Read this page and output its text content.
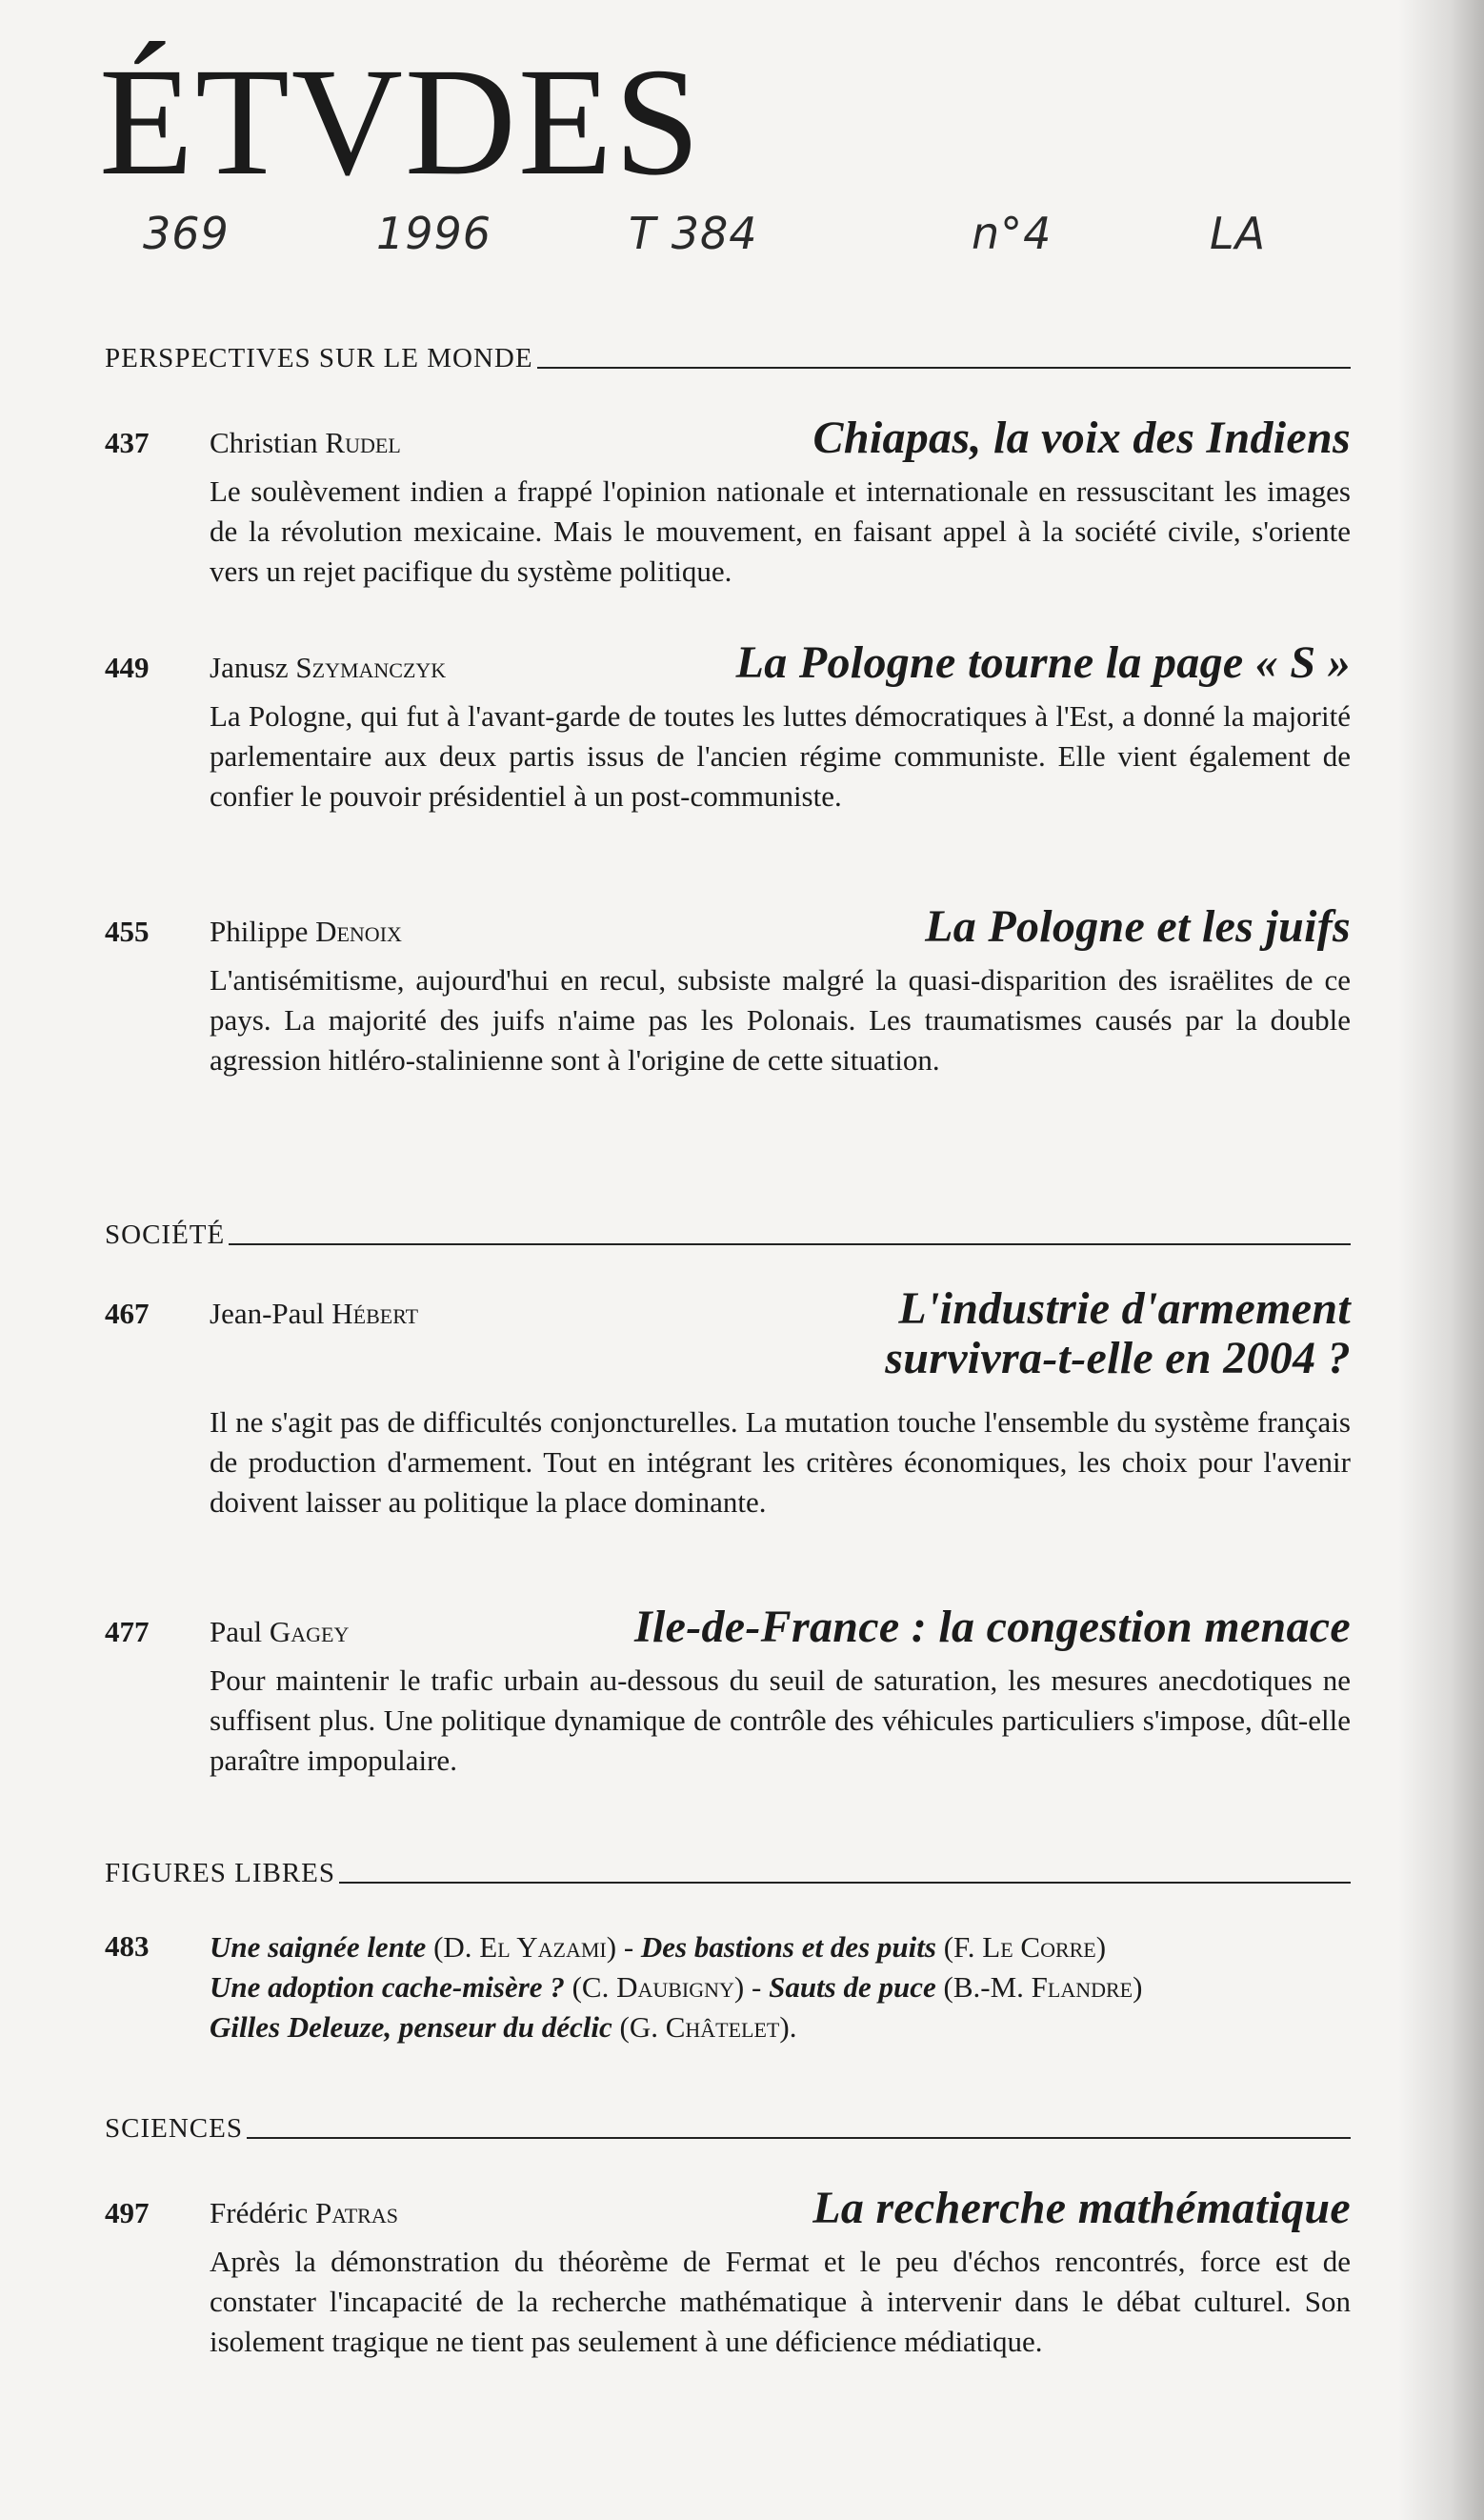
ÉTVDES
369	1996	T 384	n°4	LA
PERSPECTIVES SUR LE MONDE
437	Christian Rudel	Chiapas, la voix des Indiens
Le soulèvement indien a frappé l'opinion nationale et internationale en ressuscitant les images de la révolution mexicaine. Mais le mouvement, en faisant appel à la société civile, s'oriente vers un rejet pacifique du système politique.
449	Janusz Szymanczyk	La Pologne tourne la page « S »
La Pologne, qui fut à l'avant-garde de toutes les luttes démocratiques à l'Est, a donné la majorité parlementaire aux deux partis issus de l'ancien régime communiste. Elle vient également de confier le pouvoir présidentiel à un post-communiste.
455	Philippe Denoix	La Pologne et les juifs
L'antisémitisme, aujourd'hui en recul, subsiste malgré la quasi-disparition des israëlites de ce pays. La majorité des juifs n'aime pas les Polonais. Les traumatismes causés par la double agression hitléro-stalinienne sont à l'origine de cette situation.
SOCIÉTÉ
467	Jean-Paul Hébert	L'industrie d'armement
survivra-t-elle en 2004 ?
Il ne s'agit pas de difficultés conjoncturelles. La mutation touche l'ensemble du système français de production d'armement. Tout en intégrant les critères économiques, les choix pour l'avenir doivent laisser au politique la place dominante.
477	Paul Gagey	Ile-de-France : la congestion menace
Pour maintenir le trafic urbain au-dessous du seuil de saturation, les mesures anecdotiques ne suffisent plus. Une politique dynamique de contrôle des véhicules particuliers s'impose, dût-elle paraître impopulaire.
FIGURES LIBRES
483	Une saignée lente (D. El Yazami) - Des bastions et des puits (F. Le Corre)
Une adoption cache-misère ? (C. Daubigny) - Sauts de puce (B.-M. Flandre)
Gilles Deleuze, penseur du déclic (G. Châtelet).
SCIENCES
497	Frédéric Patras	La recherche mathématique
Après la démonstration du théorème de Fermat et le peu d'échos rencontrés, force est de constater l'incapacité de la recherche mathématique à intervenir dans le débat culturel. Son isolement tragique ne tient pas seulement à une déficience médiatique.
